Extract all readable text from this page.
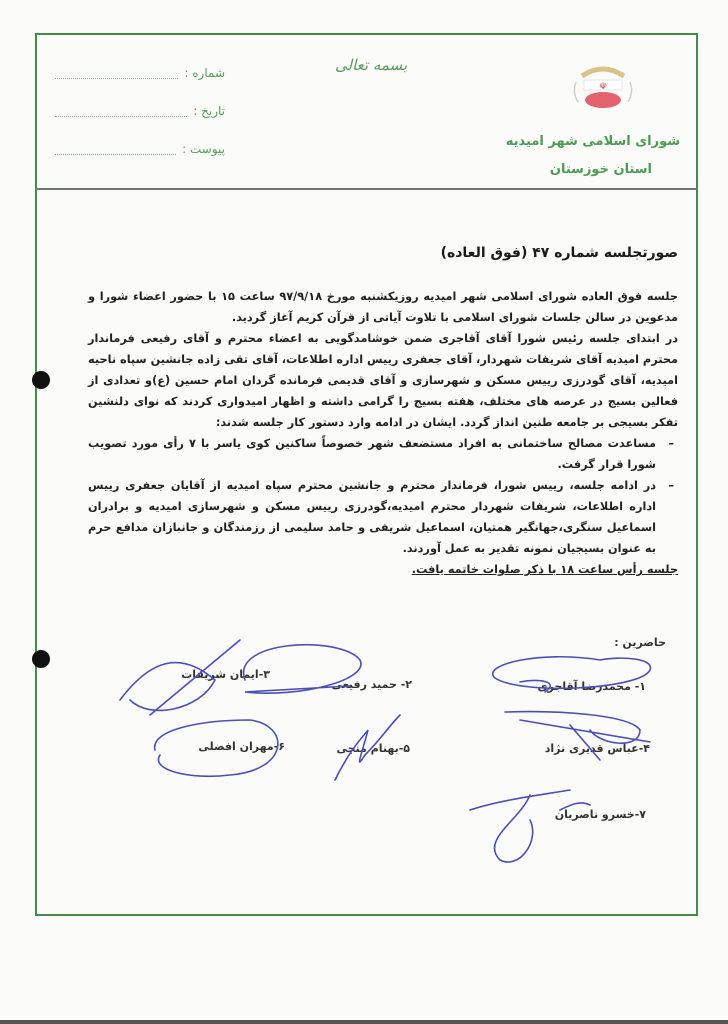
بسمه تعالی
شماره :
تاریخ :
پیوست :
☫
شورای اسلامی شهر امیدیه
استان خوزستان
صورتجلسه شماره ۴۷ (فوق العاده)

جلسه فوق العاده شورای اسلامی شهر امیدیه روزیکشنبه مورخ ۹۷/۹/۱۸ ساعت ۱۵ با حضور اعضاء شورا و مدعوین در سالن جلسات شورای اسلامی با تلاوت آیاتی از قرآن کریم آغاز گردید.

در ابتدای جلسه رئیس شورا آقای آقاجری ضمن خوشامدگویی به اعضاء محترم و آقای رفیعی فرماندار محترم امیدیه آقای شریفات شهردار، آقای جعفری رییس اداره اطلاعات، آقای تقی زاده جانشین سپاه ناحیه امیدیه، آقای گودرزی رییس مسکن و شهرسازی و آقای قدیمی فرمانده گردان امام حسین (ع)و تعدادی از فعالین بسیج در عرصه های مختلف، هفته بسیج را گرامی داشته و اظهار امیدواری کردند که نوای دلنشین تفکر بسیجی بر جامعه طنین انداز گردد. ایشان در ادامه وارد دستور کار جلسه شدند:

–
مساعدت مصالح ساختمانی به افراد مستضعف شهر خصوصاً ساکنین کوی یاسر با ۷ رأی مورد تصویب شورا قرار گرفت.
–
در ادامه جلسه، رییس شورا، فرماندار محترم و جانشین محترم سپاه امیدیه از آقایان جعفری رییس اداره اطلاعات، شریفات شهردار محترم امیدیه،گودرزی رییس مسکن و شهرسازی امیدیه و برادران اسماعیل سنگری،جهانگیر همتیان، اسماعیل شریفی و حامد سلیمی از رزمندگان و جانبازان مدافع حرم به عنوان بسیجیان نمونه تقدیر به عمل آوردند.

جلسه رأس ساعت ۱۸ با ذکر صلوات خاتمه یافت.

حاضرین :
۱- محمدرضا آقاجری
۲- حمید رفیعی
۳-ایمان شریفات
۴-عباس قدیری نژاد
۵-بهنام منجی
۶-مهران افضلی
۷-خسرو ناصریان
